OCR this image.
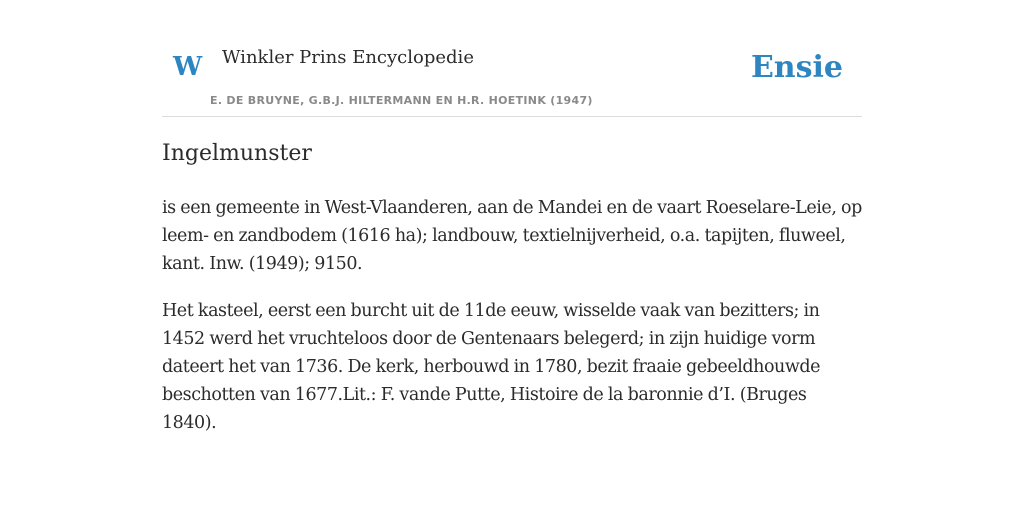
W Winkler Prins Encyclopedie
E. DE BRUYNE, G.B.J. HILTERMANN EN H.R. HOETINK (1947)
Ensie
Ingelmunster

is een gemeente in West-Vlaanderen, aan de Mandei en de vaart Roeselare-Leie, op leem- en zandbodem (1616 ha); landbouw, textielnijverheid, o.a. tapijten, fluweel, kant. Inw. (1949); 9150.

Het kasteel, eerst een burcht uit de 11de eeuw, wisselde vaak van bezitters; in 1452 werd het vruchteloos door de Gentenaars belegerd; in zijn huidige vorm dateert het van 1736. De kerk, herbouwd in 1780, bezit fraaie gebeeldhouwde beschotten van 1677.Lit.: F. vande Putte, Histoire de la baronnie d’I. (Bruges 1840).
